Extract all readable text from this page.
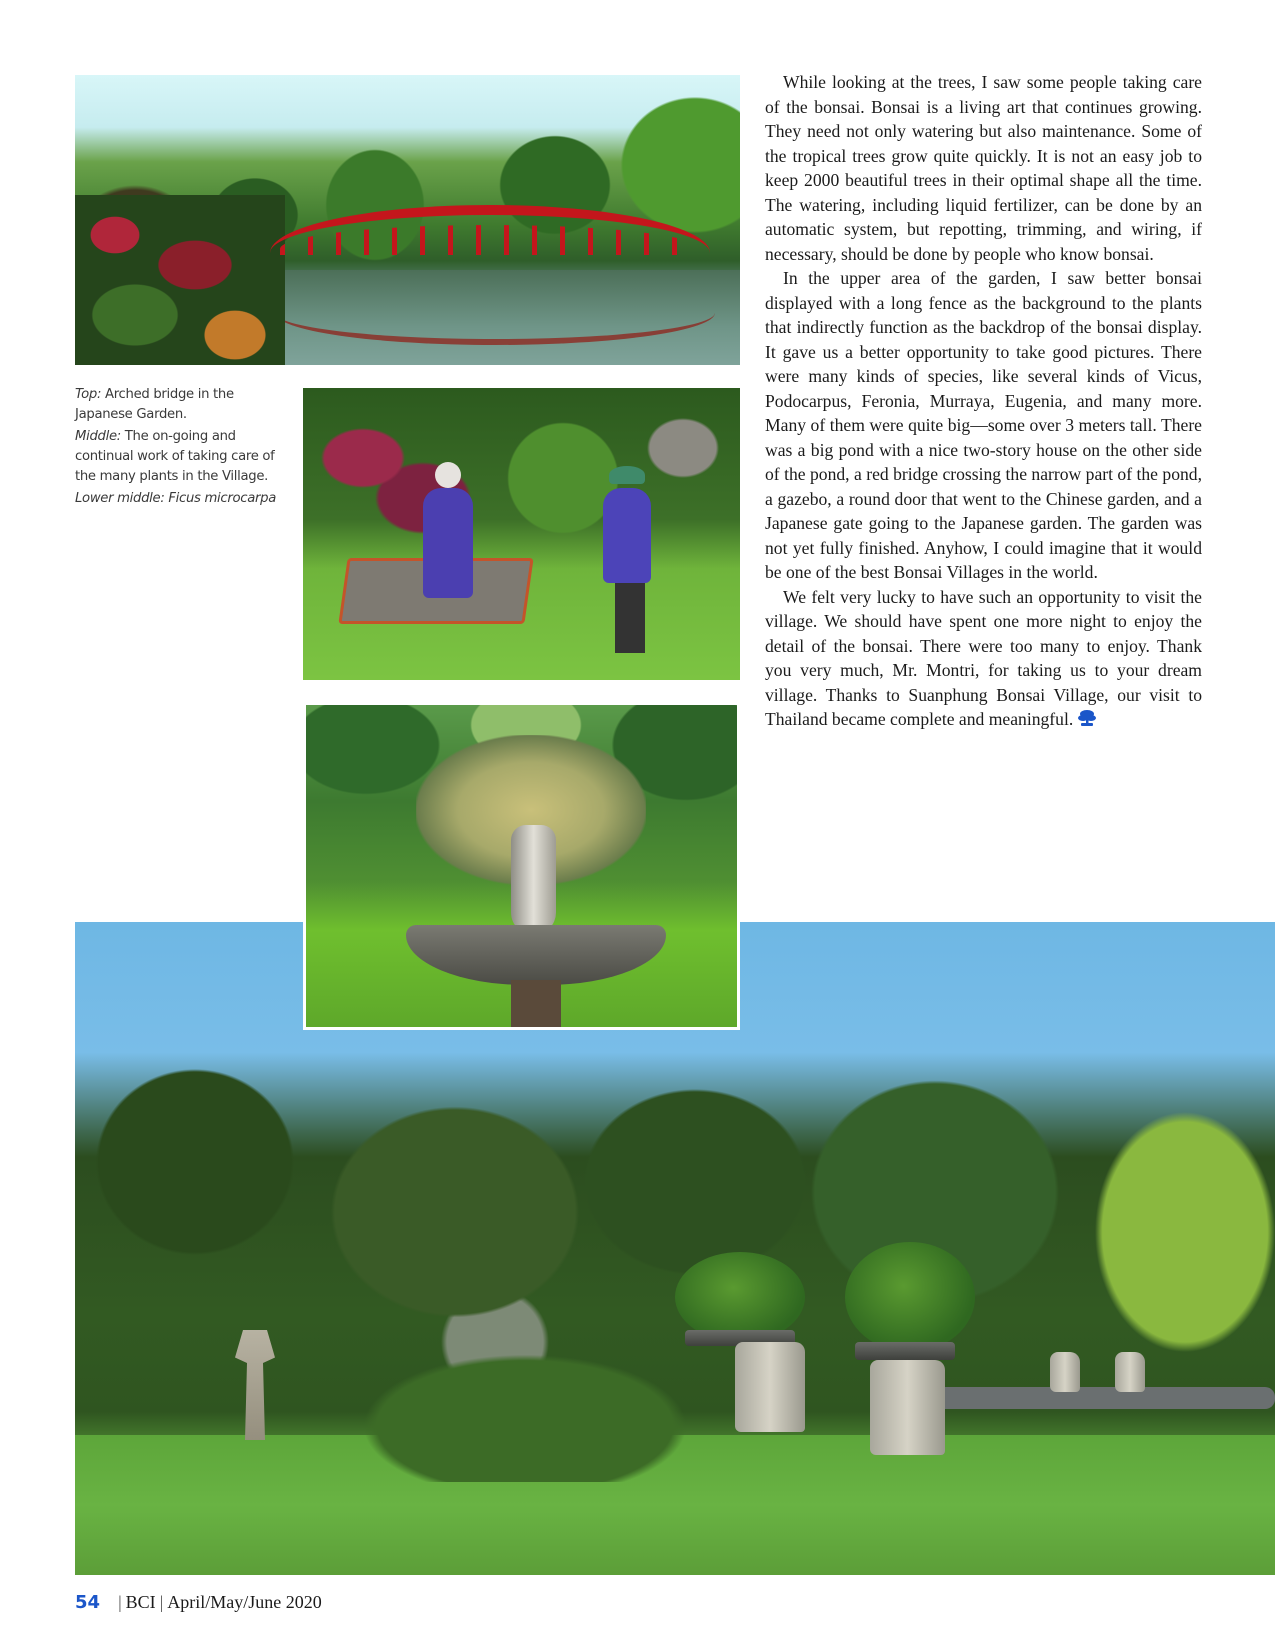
Top: Arched bridge in the Japanese Garden.

Middle: The on-going and continual work of taking care of the many plants in the Village.

Lower middle: Ficus microcarpa

While looking at the trees, I saw some people taking care of the bonsai. Bonsai is a living art that continues growing. They need not only watering but also maintenance. Some of the tropical trees grow quite quickly. It is not an easy job to keep 2000 beautiful trees in their optimal shape all the time. The watering, including liquid fertilizer, can be done by an automatic system, but repotting, trimming, and wiring, if necessary, should be done by people who know bonsai.

In the upper area of the garden, I saw better bonsai displayed with a long fence as the background to the plants that indirectly function as the backdrop of the bonsai display. It gave us a better opportunity to take good pictures. There were many kinds of species, like several kinds of Vicus, Podocarpus, Feronia, Murraya, Eugenia, and many more. Many of them were quite big—some over 3 meters tall. There was a big pond with a nice two-story house on the other side of the pond, a red bridge crossing the narrow part of the pond, a gazebo, a round door that went to the Chinese garden, and a Japanese gate going to the Japanese garden. The garden was not yet fully finished. Anyhow, I could imagine that it would be one of the best Bonsai Villages in the world.

We felt very lucky to have such an opportunity to visit the village. We should have spent one more night to enjoy the detail of the bonsai. There were too many to enjoy. Thank you very much, Mr. Montri, for taking us to your dream village. Thanks to Suanphung Bonsai Village, our visit to Thailand became complete and meaningful.

54 | BCI | April/May/June 2020
